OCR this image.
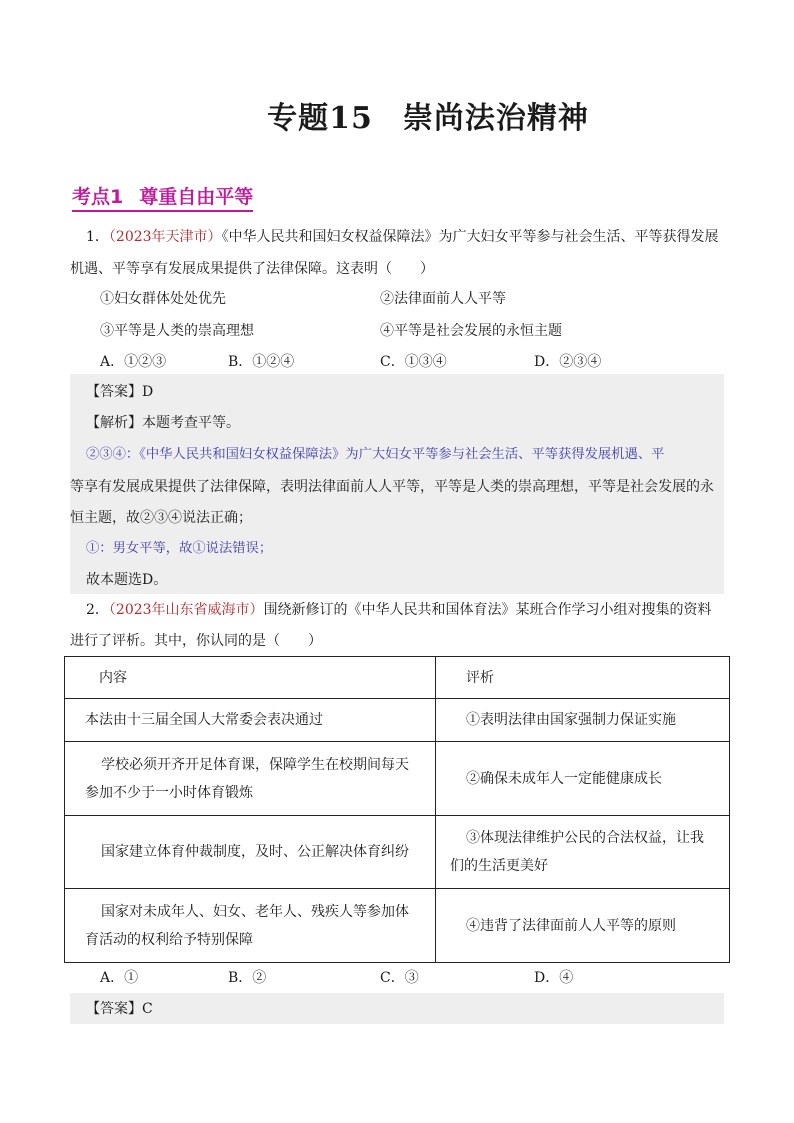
专题15 崇尚法治精神
考点1 尊重自由平等
1．（2023年天津市）《中华人民共和国妇女权益保障法》为广大妇女平等参与社会生活、平等获得发展
机遇、平等享有发展成果提供了法律保障。这表明（　　）
①妇女群体处处优先	②法律面前人人平等
③平等是人类的崇高理想	④平等是社会发展的永恒主题
A．①②③	B．①②④	C．①③④	D．②③④
【答案】D
【解析】本题考查平等。
②③④：《中华人民共和国妇女权益保障法》为广大妇女平等参与社会生活、平等获得发展机遇、平
等享有发展成果提供了法律保障，表明法律面前人人平等，平等是人类的崇高理想，平等是社会发展的永
恒主题，故②③④说法正确；
①：男女平等，故①说法错误；
故本题选D。
2．（2023年山东省威海市）围绕新修订的《中华人民共和国体育法》某班合作学习小组对搜集的资料
进行了评析。其中，你认同的是（　　）
内容	评析
本法由十三届全国人大常委会表决通过	①表明法律由国家强制力保证实施
学校必须开齐开足体育课，保障学生在校期间每天参加不少于一小时体育锻炼	②确保未成年人一定能健康成长
国家建立体育仲裁制度，及时、公正解决体育纠纷	③体现法律维护公民的合法权益，让我们的生活更美好
国家对未成年人、妇女、老年人、残疾人等参加体育活动的权利给予特别保障	④违背了法律面前人人平等的原则
A．①	B．②	C．③	D．④
【答案】C
